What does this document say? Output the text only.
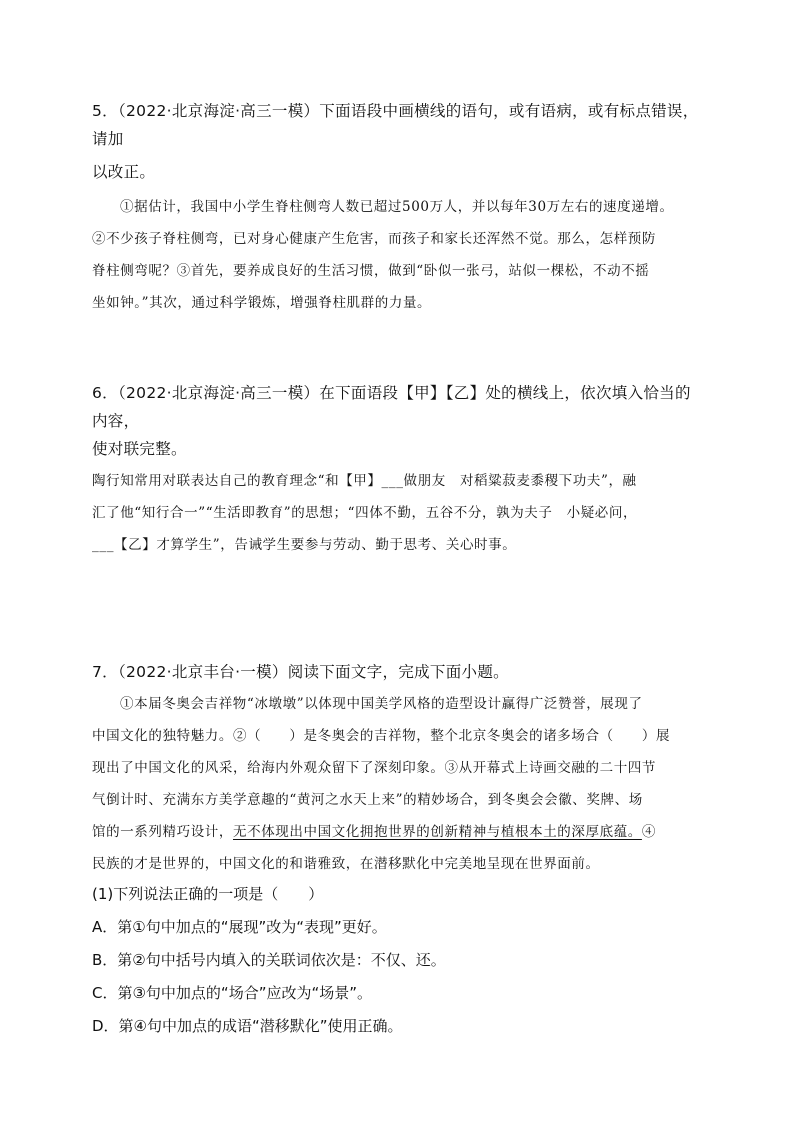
5．（2022·北京海淀·高三一模）下面语段中画横线的语句，或有语病，或有标点错误，请加
以改正。

①据估计，我国中小学生脊柱侧弯人数已超过500万人，并以每年30万左右的速度递增。
②不少孩子脊柱侧弯，已对身心健康产生危害，而孩子和家长还浑然不觉。那么，怎样预防
脊柱侧弯呢？③首先，要养成良好的生活习惯，做到“卧似一张弓，站似一棵松，不动不摇
坐如钟。”其次，通过科学锻炼，增强脊柱肌群的力量。

6．（2022·北京海淀·高三一模）在下面语段【甲】【乙】处的横线上，依次填入恰当的内容，
使对联完整。

陶行知常用对联表达自己的教育理念“和【甲】___做朋友　对稻粱菽麦黍稷下功夫”，融
汇了他“知行合一”“生活即教育”的思想；“四体不勤，五谷不分，孰为夫子　小疑必问，
___【乙】才算学生”，告诫学生要参与劳动、勤于思考、关心时事。

7．（2022·北京丰台·一模）阅读下面文字，完成下面小题。

①本届冬奥会吉祥物“冰墩墩”以体现中国美学风格的造型设计赢得广泛赞誉，展现了
中国文化的独特魅力。②（　　）是冬奥会的吉祥物，整个北京冬奥会的诸多场合（　　）展
现出了中国文化的风采，给海内外观众留下了深刻印象。③从开幕式上诗画交融的二十四节
气倒计时、充满东方美学意趣的“黄河之水天上来”的精妙场合，到冬奥会会徽、奖牌、场
馆的一系列精巧设计，无不体现出中国文化拥抱世界的创新精神与植根本土的深厚底蕴。④
民族的才是世界的，中国文化的和谐雅致，在潜移默化中完美地呈现在世界面前。

(1)下列说法正确的一项是（　　）

A．第①句中加点的“展现”改为“表现”更好。

B．第②句中括号内填入的关联词依次是：不仅、还。

C．第③句中加点的“场合”应改为“场景”。

D．第④句中加点的成语“潜移默化”使用正确。
